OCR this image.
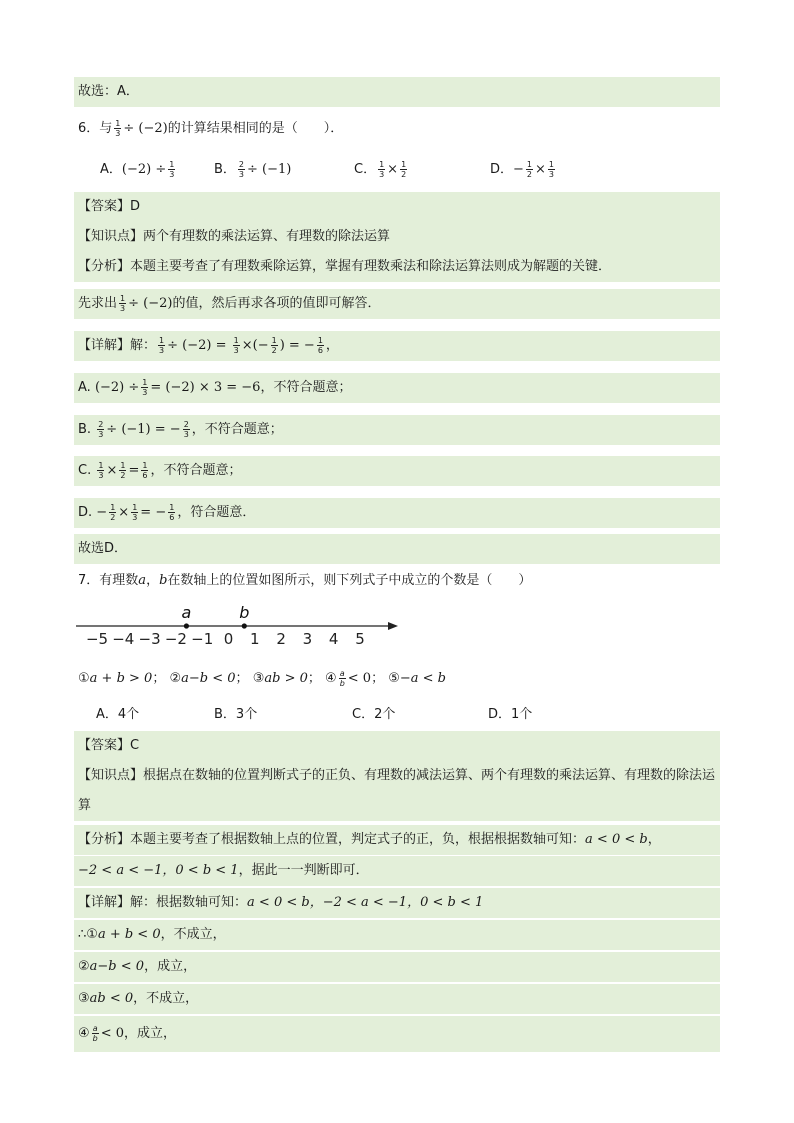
故选：A．
6．与 $\frac{1}{3} \div (-2)$的计算结果相同的是（　　）．
A．$(-2) \div \frac{1}{3}$	B． $\frac{2}{3} \div (-1)$	C． $\frac{1}{3} \times \frac{1}{2}$	D．− $\frac{1}{2} \times \frac{1}{3}$
【答案】D
【知识点】两个有理数的乘法运算、有理数的除法运算
【分析】本题主要考查了有理数乘除运算，掌握有理数乘法和除法运算法则成为解题的关键．
先求出 $\frac{1}{3} \div (-2)$的值，然后再求各项的值即可解答．
【详解】解： $\frac{1}{3} \div (-2) = \frac{1}{3}$ ×(− $\frac{1}{2}$ ) = − $\frac{1}{6}$ ，
A. $(-2) \div \frac{1}{3} = (-2) \times 3 = -6$，不符合题意；
B. $\frac{2}{3} \div (-1)$ = − $\frac{2}{3}$ ，不符合题意；
C. $\frac{1}{3} \times \frac{1}{2} = \frac{1}{6}$ ，不符合题意；
D. − $\frac{1}{2} \times \frac{1}{3}$ = − $\frac{1}{6}$ ，符合题意．
故选D．
7．有理数a，b在数轴上的位置如图所示，则下列式子中成立的个数是（　　）
−5 −4 −3 −2 −1 0 1 2 3 4 5
a	b
①a + b > 0； ②a−b < 0； ③ab > 0； ④ $\frac{a}{b} < 0$； ⑤−a < b
A．4个	B．3个	C．2个	D．1个
【答案】C
【知识点】根据点在数轴的位置判断式子的正负、有理数的减法运算、两个有理数的乘法运算、有理数的除法运算
【分析】本题主要考查了根据数轴上点的位置，判定式子的正，负，根据根据数轴可知：a < 0 < b，
−2 < a < −1，0 < b < 1，据此一一判断即可．
【详解】解：根据数轴可知：a < 0 < b，−2 < a < −1，0 < b < 1
∴①a + b < 0，不成立，
②a−b < 0，成立，
③ab < 0，不成立，
④ $\frac{a}{b} < 0$，成立，
